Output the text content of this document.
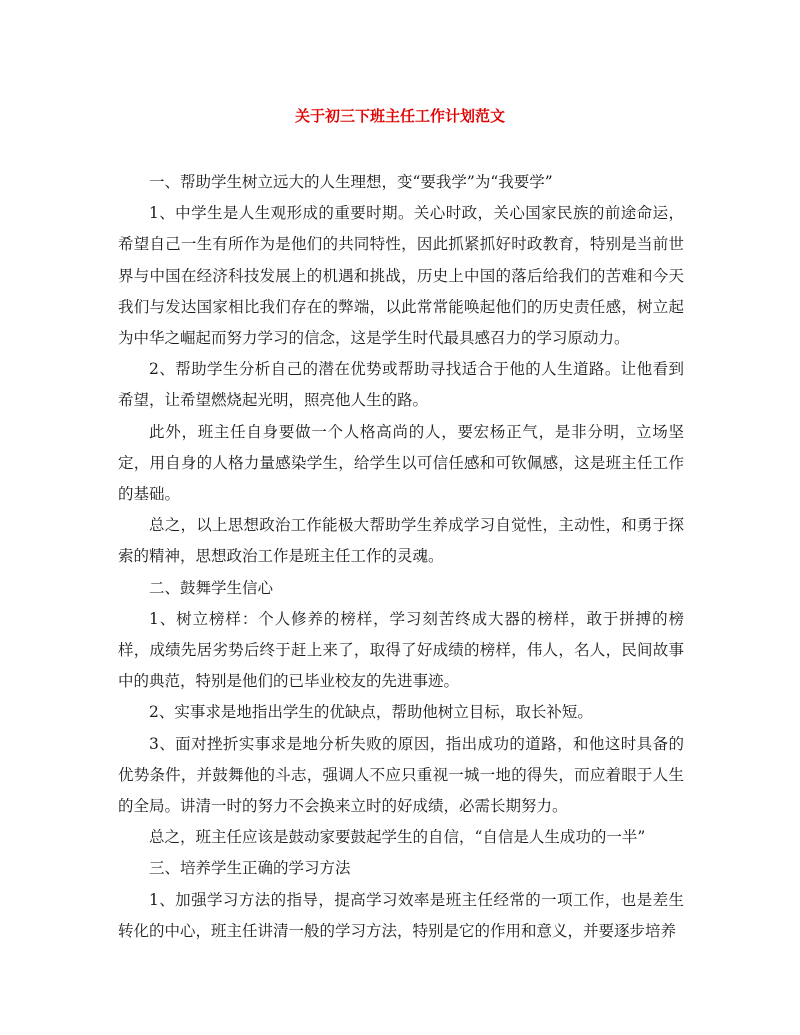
关于初三下班主任工作计划范文

一、帮助学生树立远大的人生理想，变“要我学”为“我要学”

1、中学生是人生观形成的重要时期。关心时政，关心国家民族的前途命运，希望自己一生有所作为是他们的共同特性，因此抓紧抓好时政教育，特别是当前世界与中国在经济科技发展上的机遇和挑战，历史上中国的落后给我们的苦难和今天我们与发达国家相比我们存在的弊端，以此常常能唤起他们的历史责任感，树立起为中华之崛起而努力学习的信念，这是学生时代最具感召力的学习原动力。

2、帮助学生分析自己的潜在优势或帮助寻找适合于他的人生道路。让他看到希望，让希望燃烧起光明，照亮他人生的路。

此外，班主任自身要做一个人格高尚的人，要宏杨正气，是非分明，立场坚定，用自身的人格力量感染学生，给学生以可信任感和可钦佩感，这是班主任工作的基础。

总之，以上思想政治工作能极大帮助学生养成学习自觉性，主动性，和勇于探索的精神，思想政治工作是班主任工作的灵魂。

二、鼓舞学生信心

1、树立榜样：个人修养的榜样，学习刻苦终成大器的榜样，敢于拼搏的榜样，成绩先居劣势后终于赶上来了，取得了好成绩的榜样，伟人，名人，民间故事中的典范，特别是他们的已毕业校友的先进事迹。

2、实事求是地指出学生的优缺点，帮助他树立目标，取长补短。

3、面对挫折实事求是地分析失败的原因，指出成功的道路，和他这时具备的优势条件，并鼓舞他的斗志，强调人不应只重视一城一地的得失，而应着眼于人生的全局。讲清一时的努力不会换来立时的好成绩，必需长期努力。

总之，班主任应该是鼓动家要鼓起学生的自信，“自信是人生成功的一半”

三、培养学生正确的学习方法

1、加强学习方法的指导，提高学习效率是班主任经常的一项工作，也是差生转化的中心，班主任讲清一般的学习方法，特别是它的作用和意义，并要逐步培养
